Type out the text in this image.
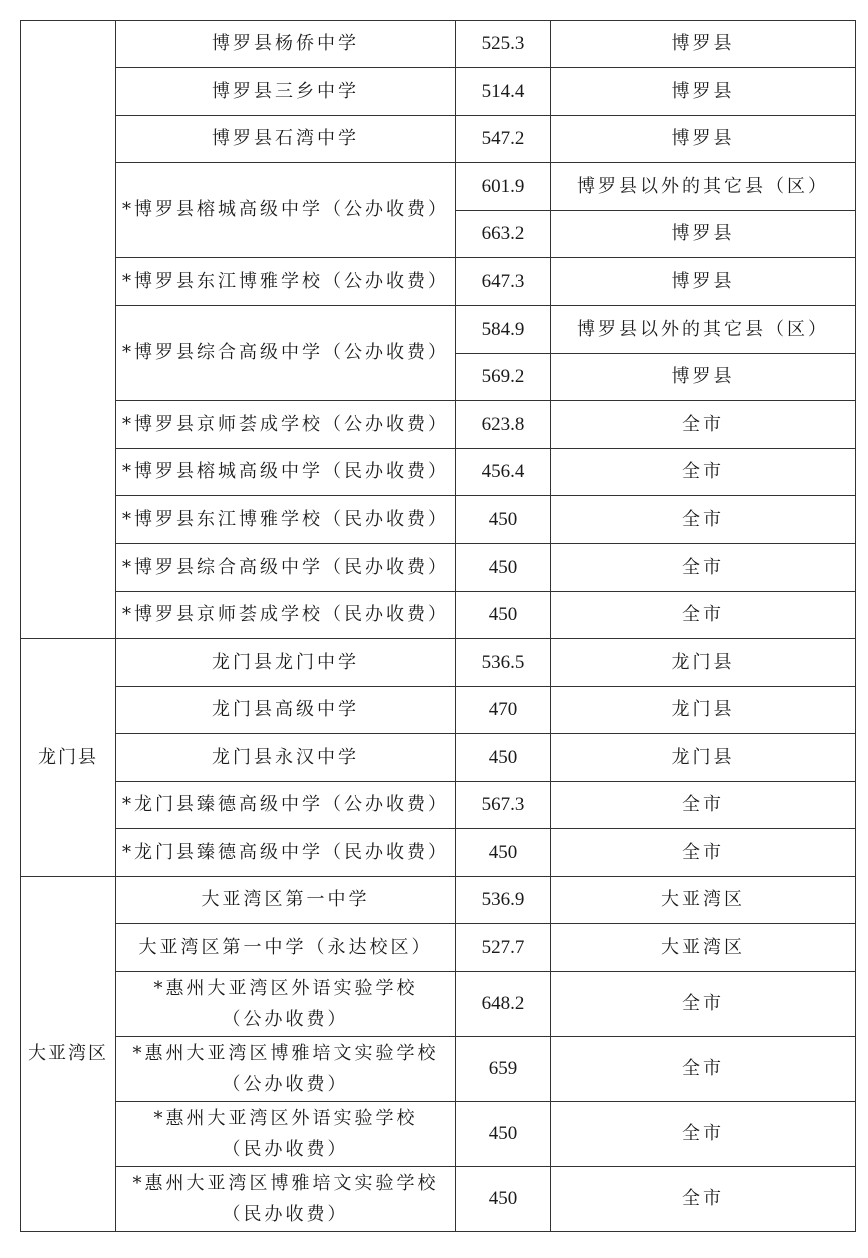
	博罗县杨侨中学	525.3	博罗县

	博罗县三乡中学	514.4	博罗县

	博罗县石湾中学	547.2	博罗县

	*博罗县榕城高级中学（公办收费）	601.9	博罗县以外的其它县（区）
		663.2	博罗县

	*博罗县东江博雅学校（公办收费）	647.3	博罗县

	*博罗县综合高级中学（公办收费）	584.9	博罗县以外的其它县（区）
		569.2	博罗县

	*博罗县京师荟成学校（公办收费）	623.8	全市

	*博罗县榕城高级中学（民办收费）	456.4	全市

	*博罗县东江博雅学校（民办收费）	450	全市

	*博罗县综合高级中学（民办收费）	450	全市

	*博罗县京师荟成学校（民办收费）	450	全市
龙门县	龙门县龙门中学	536.5	龙门县

	龙门县高级中学	470	龙门县

	龙门县永汉中学	450	龙门县

	*龙门县臻德高级中学（公办收费）	567.3	全市

	*龙门县臻德高级中学（民办收费）	450	全市
大亚湾区	大亚湾区第一中学	536.9	大亚湾区

	大亚湾区第一中学（永达校区）	527.7	大亚湾区

	*惠州大亚湾区外语实验学校
（公办收费）	648.2	全市

	*惠州大亚湾区博雅培文实验学校
（公办收费）	659	全市

	*惠州大亚湾区外语实验学校
（民办收费）	450	全市

	*惠州大亚湾区博雅培文实验学校
（民办收费）	450	全市
